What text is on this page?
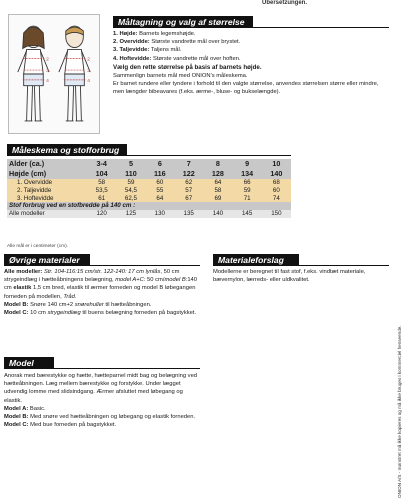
Übersetzungen.
2
3
4
2
3
4
Måltagning og valg af størrelse
1. Højde: Barnets legemshøjde.
2. Overvidde: Største vandrette mål over brystet.
3. Taljevidde: Taljens mål.
4. Hoftevidde: Største vandrette mål over hoften.
Vælg den rette størrelse på basis af barnets højde.
Sammenlign barnets mål med ONION's måleskema.
Er barnet rundere eller tyndere i forhold til den valgte størrelse, anvendes størrelsen større eller mindre, men længder bibeavares (f.eks. ærme-, bluse- og bukselængde).
Måleskema og stofforbrug
Alder (ca.)	3-4	5	6	7	8	9	10
Højde (cm)	104	110	116	122	128	134	140
1. Overvidde	58	59	60	62	64	66	68
2. Taljevidde	53,5	54,5	55	57	58	59	60
3. Hoftevidde	61	62,5	64	67	69	71	74
Stof forbrug ved en stofbredde på 140 cm :							
Alle modeller	120	125	130	135	140	145	150
Alle mål er i centimeter (cm).
Øvrige materialer
Alle modeller: Str. 104-116:15 cm/str. 122-140: 17 cm lynlås, 50 cm strygeindlæg i hætteåbningens belægning, model A+C: 50 cm/model B:140 cm elastik 1,5 cm bred, elastik til ærmer forneden og model B løbegangen forneden på modellen, Tråd.
Model B: Snøre 140 cm+2 snørehuller til hætteåbningen.
Model C: 10 cm strygeindlæg til buens belægning forneden på bagstykket.
Materialeforslag
Modellerne er beregnet til fast stof, f.eks. vindtæt materiale, bævernylon, lærreds- eller uldkvalitet.
Model
Anorak med bærestykke og hætte, hætteparnel midt bag og belægning ved hætteåbningen. Læg mellem bærestykke og forstykke. Under lægget udvendig lomme med slidsindgang. Ærmer afsluttet med løbegang og elastik.
Model A: Basic.
Model B: Med snøre ved hætteåbningen og løbegang og elastik forneden.
Model C: Med bue forneden på bagstykket.	ONION A/S - mønstret må ikke kopieres og må ikke bruges i kommerciel henseende.
